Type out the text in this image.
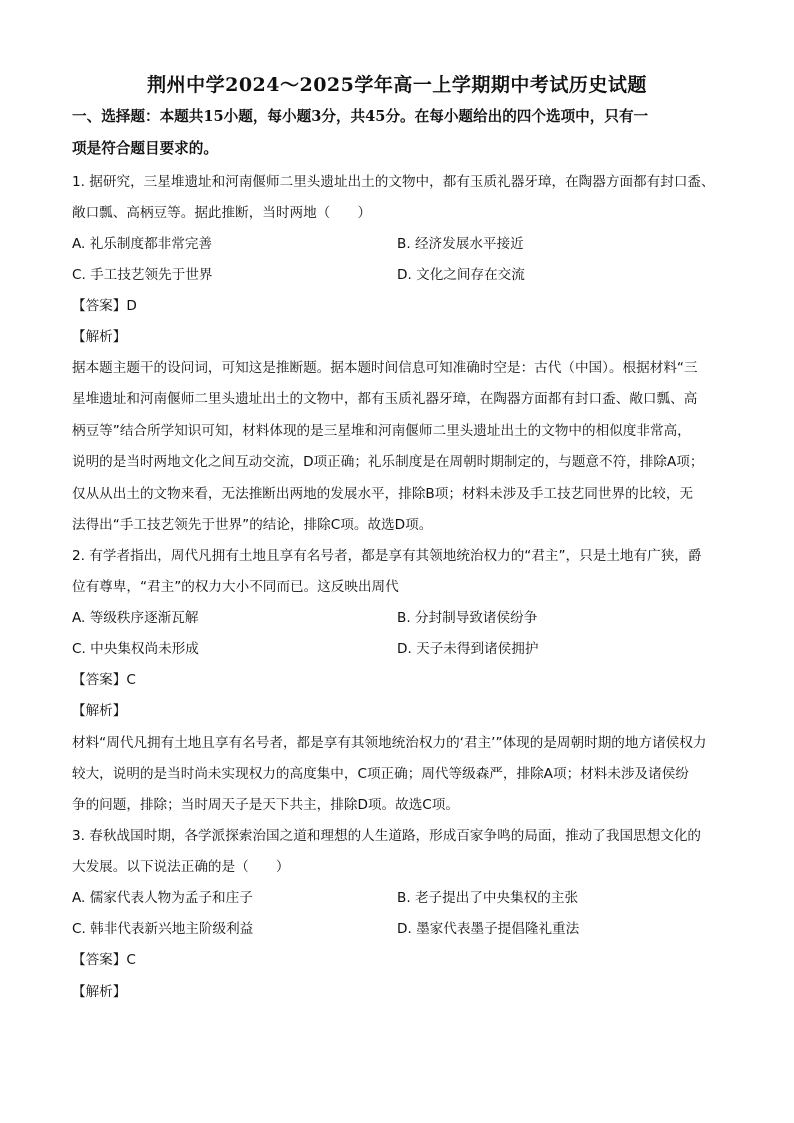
荆州中学2024～2025学年高一上学期期中考试历史试题
一、选择题：本题共15小题，每小题3分，共45分。在每小题给出的四个选项中，只有一
项是符合题目要求的。
1. 据研究，三星堆遗址和河南偃师二里头遗址出土的文物中，都有玉质礼器牙璋，在陶器方面都有封口盉、
敞口瓢、高柄豆等。据此推断，当时两地（　　）
A. 礼乐制度都非常完善	B. 经济发展水平接近
C. 手工技艺领先于世界	D. 文化之间存在交流
【答案】D
【解析】
据本题主题干的设问词，可知这是推断题。据本题时间信息可知准确时空是：古代（中国）。根据材料“三
星堆遗址和河南偃师二里头遗址出土的文物中，都有玉质礼器牙璋，在陶器方面都有封口盉、敞口瓢、高
柄豆等”结合所学知识可知，材料体现的是三星堆和河南偃师二里头遗址出土的文物中的相似度非常高，
说明的是当时两地文化之间互动交流，D项正确；礼乐制度是在周朝时期制定的，与题意不符，排除A项；
仅从从出土的文物来看，无法推断出两地的发展水平，排除B项；材料未涉及手工技艺同世界的比较，无
法得出“手工技艺领先于世界”的结论，排除C项。故选D项。
2. 有学者指出，周代凡拥有土地且享有名号者，都是享有其领地统治权力的“君主”，只是土地有广狭，爵
位有尊卑，“君主”的权力大小不同而已。这反映出周代
A. 等级秩序逐渐瓦解	B. 分封制导致诸侯纷争
C. 中央集权尚未形成	D. 天子未得到诸侯拥护
【答案】C
【解析】
材料“周代凡拥有土地且享有名号者，都是享有其领地统治权力的‘君主’”体现的是周朝时期的地方诸侯权力
较大，说明的是当时尚未实现权力的高度集中，C项正确；周代等级森严，排除A项；材料未涉及诸侯纷
争的问题，排除；当时周天子是天下共主，排除D项。故选C项。
3. 春秋战国时期，各学派探索治国之道和理想的人生道路，形成百家争鸣的局面，推动了我国思想文化的
大发展。以下说法正确的是（　　）
A. 儒家代表人物为孟子和庄子	B. 老子提出了中央集权的主张
C. 韩非代表新兴地主阶级利益	D. 墨家代表墨子提倡隆礼重法
【答案】C
【解析】
